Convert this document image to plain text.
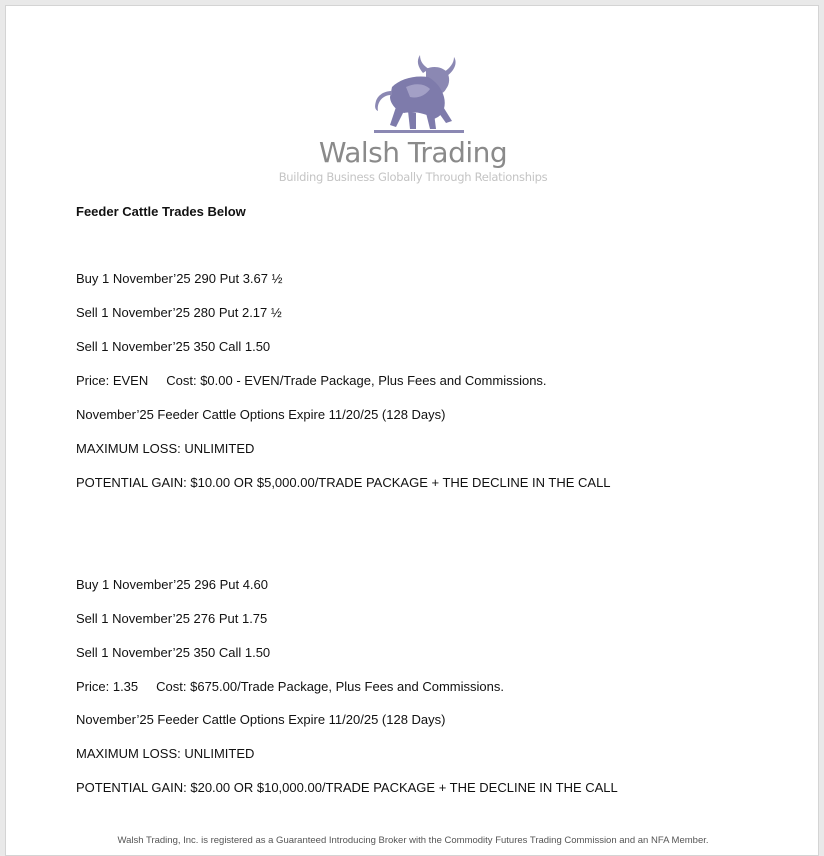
Walsh Trading
Building Business Globally Through Relationships
Feeder Cattle Trades Below
Buy 1 November’25 290 Put 3.67 ½
Sell 1 November’25 280 Put 2.17 ½
Sell 1 November’25 350 Call 1.50
Price: EVEN Cost: $0.00 - EVEN/Trade Package, Plus Fees and Commissions.
November’25 Feeder Cattle Options Expire 11/20/25 (128 Days)
MAXIMUM LOSS: UNLIMITED
POTENTIAL GAIN: $10.00 OR $5,000.00/TRADE PACKAGE + THE DECLINE IN THE CALL
Buy 1 November’25 296 Put 4.60
Sell 1 November’25 276 Put 1.75
Sell 1 November’25 350 Call 1.50
Price: 1.35 Cost: $675.00/Trade Package, Plus Fees and Commissions.
November’25 Feeder Cattle Options Expire 11/20/25 (128 Days)
MAXIMUM LOSS: UNLIMITED
POTENTIAL GAIN: $20.00 OR $10,000.00/TRADE PACKAGE + THE DECLINE IN THE CALL
Walsh Trading, Inc. is registered as a Guaranteed Introducing Broker with the Commodity Futures Trading Commission and an NFA Member.
